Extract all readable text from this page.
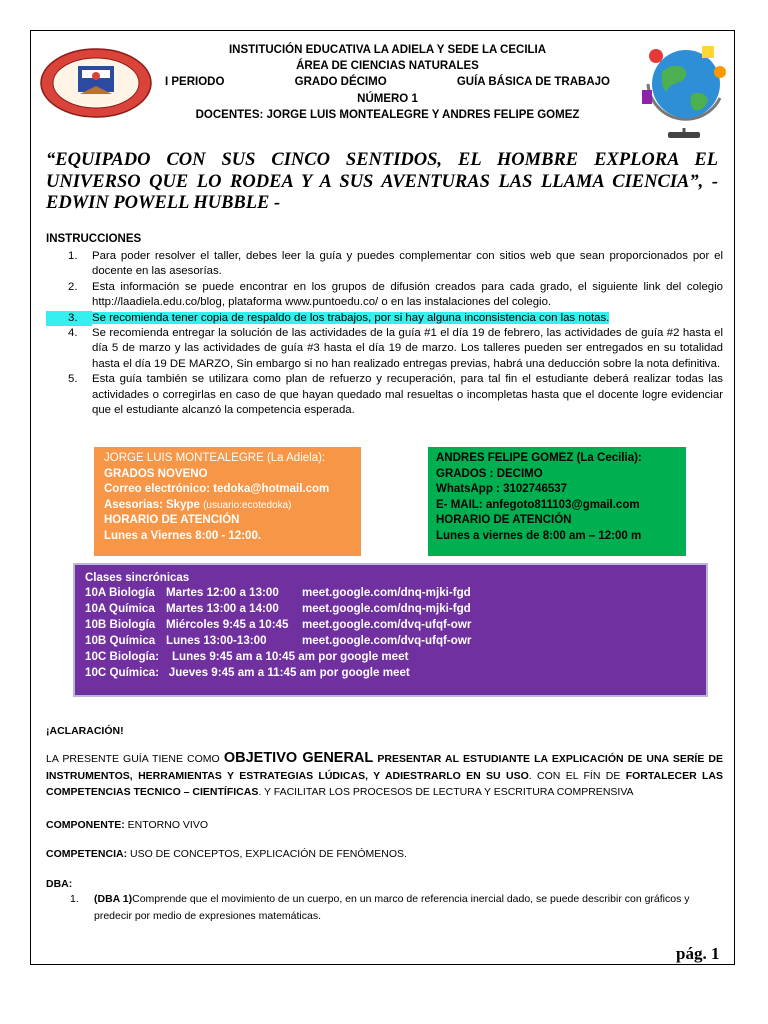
INSTITUCIÓN EDUCATIVA LA ADIELA Y SEDE LA CECILIA
ÁREA DE CIENCIAS NATURALES
I PERIODO	GRADO DÉCIMO	GUÍA BÁSICA DE TRABAJO
NÚMERO 1
DOCENTES: JORGE LUIS MONTEALEGRE Y ANDRES FELIPE GOMEZ
“EQUIPADO CON SUS CINCO SENTIDOS, EL HOMBRE EXPLORA EL UNIVERSO QUE LO RODEA Y A SUS AVENTURAS LAS LLAMA CIENCIA”, -EDWIN POWELL HUBBLE -
INSTRUCCIONES
1.	Para poder resolver el taller, debes leer la guía y puedes complementar con sitios web que sean proporcionados por el docente en las asesorías.
2.	Esta información se puede encontrar en los grupos de difusión creados para cada grado, el siguiente link del colegio http://laadiela.edu.co/blog, plataforma www.puntoedu.co/ o en las instalaciones del colegio.
3.	Se recomienda tener copia de respaldo de los trabajos, por si hay alguna inconsistencia con las notas.
4.	Se recomienda entregar la solución de las actividades de la guía #1 el día 19 de febrero, las actividades de guía #2 hasta el día 5 de marzo y las actividades de guía #3 hasta el día 19 de marzo. Los talleres pueden ser entregados en su totalidad hasta el día 19 DE MARZO, Sin embargo si no han realizado entregas previas, habrá una deducción sobre la nota definitiva.
5.	Esta guía también se utilizara como plan de refuerzo y recuperación, para tal fin el estudiante deberá realizar todas las actividades o corregirlas en caso de que hayan quedado mal resueltas o incompletas hasta que el docente logre evidenciar que el estudiante alcanzó la competencia esperada.
JORGE LUIS MONTEALEGRE (La Adiela):
GRADOS NOVENO
Correo electrónico: tedoka@hotmail.com
Asesorias: Skype (usuario:ecotedoka)
HORARIO DE ATENCIÓN
Lunes a Viernes 8:00 - 12:00.
ANDRES FELIPE GOMEZ (La Cecilia):
GRADOS : DECIMO
WhatsApp : 3102746537
E- MAIL: anfegoto811103@gmail.com
HORARIO DE ATENCIÓN
Lunes a viernes de 8:00 am – 12:00 m
Clases sincrónicas
10A Biología Martes 12:00 a 13:00	meet.google.com/dnq-mjki-fgd
10A Química Martes 13:00 a 14:00	meet.google.com/dnq-mjki-fgd
10B Biología Miércoles 9:45 a 10:45	meet.google.com/dvq-ufqf-owr
10B Química Lunes 13:00-13:00	meet.google.com/dvq-ufqf-owr
10C Biología:    Lunes 9:45 am a 10:45 am por google meet
10C Química:   Jueves 9:45 am a 11:45 am por google meet
¡ACLARACIÓN!
LA PRESENTE GUÍA TIENE COMO OBJETIVO GENERAL PRESENTAR AL ESTUDIANTE LA EXPLICACIÓN DE UNA SERÍE DE INSTRUMENTOS, HERRAMIENTAS Y ESTRATEGIAS LÚDICAS, Y ADIESTRARLO EN SU USO. CON EL FÍN DE FORTALECER LAS COMPETENCIAS TECNICO – CIENTÍFICAS. Y FACILITAR LOS PROCESOS DE LECTURA Y ESCRITURA COMPRENSIVA
COMPONENTE: ENTORNO VIVO
COMPETENCIA: USO DE CONCEPTOS, EXPLICACIÓN DE FENÓMENOS.
DBA:
1.	(DBA 1)Comprende que el movimiento de un cuerpo, en un marco de referencia inercial dado, se puede describir con gráficos y predecir por medio de expresiones matemáticas.
pág. 1
